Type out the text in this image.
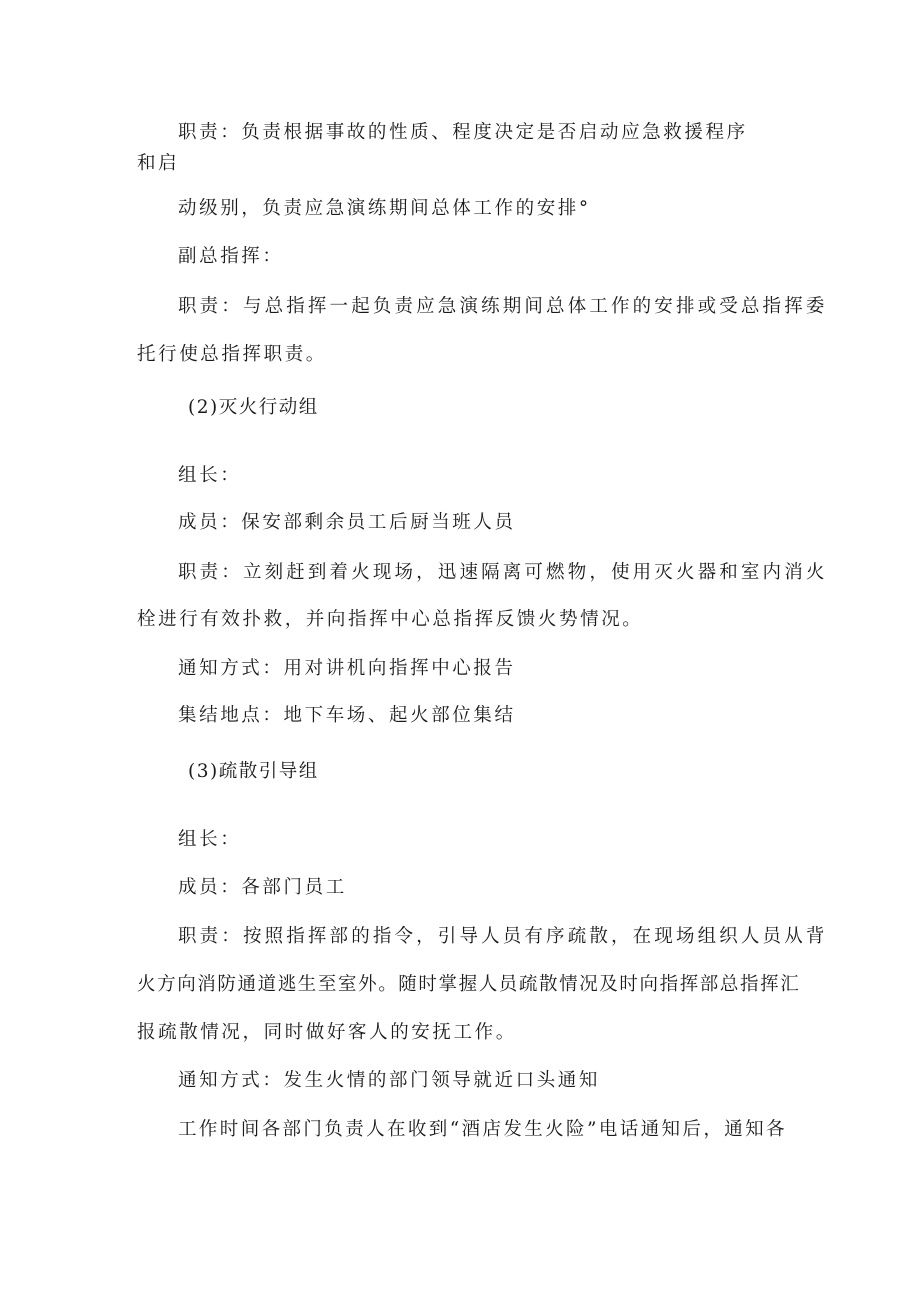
职责：负责根据事故的性质、程度决定是否启动应急救援程序
和启
动级别，负责应急演练期间总体工作的安排°
副总指挥：
职责：与总指挥一起负责应急演练期间总体工作的安排或受总指挥委
托行使总指挥职责。
(2)灭火行动组
组长：
成员：保安部剩余员工后厨当班人员
职责：立刻赶到着火现场，迅速隔离可燃物，使用灭火器和室内消火
栓进行有效扑救，并向指挥中心总指挥反馈火势情况。
通知方式：用对讲机向指挥中心报告
集结地点：地下车场、起火部位集结
(3)疏散引导组
组长：
成员：各部门员工
职责：按照指挥部的指令，引导人员有序疏散，在现场组织人员从背
火方向消防通道逃生至室外。随时掌握人员疏散情况及时向指挥部总指挥汇
报疏散情况，同时做好客人的安抚工作。
通知方式：发生火情的部门领导就近口头通知
工作时间各部门负责人在收到“酒店发生火险”电话通知后，通知各
